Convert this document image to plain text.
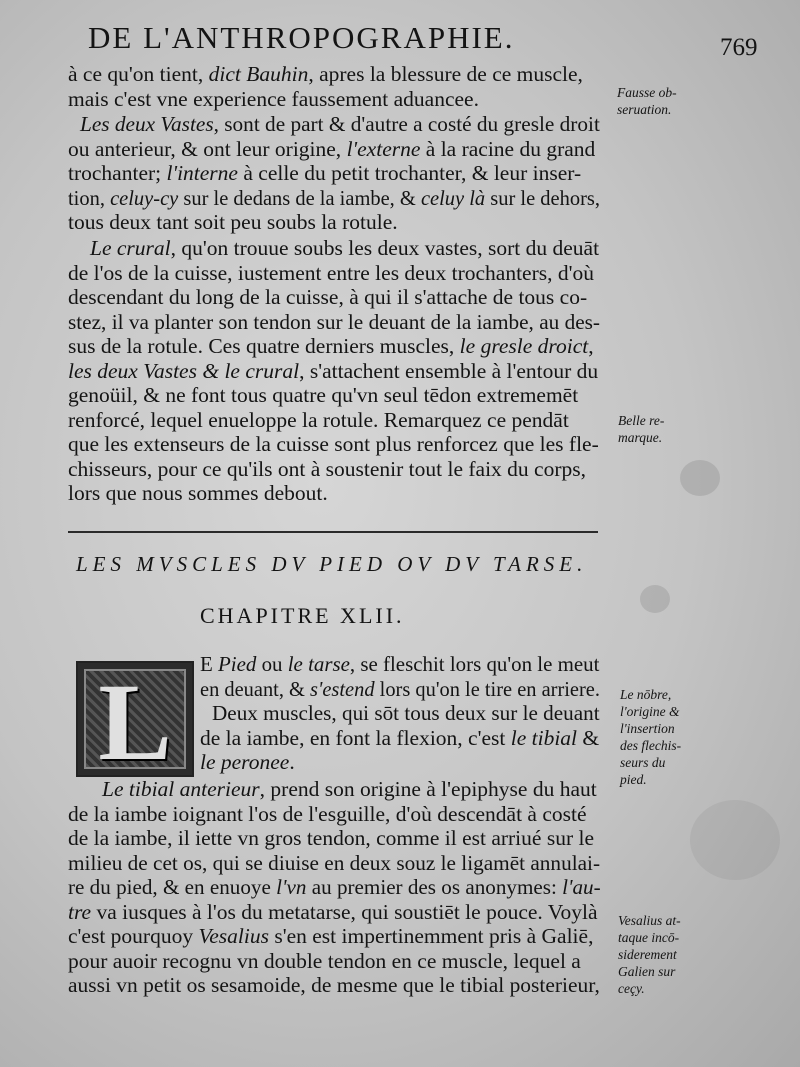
DE L'ANTHROPOGRAPHIE.	769
à ce qu'on tient, dict Bauhin, apres la blessure de ce muscle,
mais c'est vne experience faussement aduancee.
Les deux Vastes, sont de part & d'autre a costé du gresle droit
ou anterieur, & ont leur origine, l'externe à la racine du grand
trochanter; l'interne à celle du petit trochanter, & leur inser-
tion, celuy-cy sur le dedans de la iambe, & celuy là sur le dehors,
tous deux tant soit peu soubs la rotule.
Le crural, qu'on trouue soubs les deux vastes, sort du deuāt
de l'os de la cuisse, iustement entre les deux trochanters, d'où
descendant du long de la cuisse, à qui il s'attache de tous co-
stez, il va planter son tendon sur le deuant de la iambe, au des-
sus de la rotule. Ces quatre derniers muscles, le gresle droict,
les deux Vastes & le crural, s'attachent ensemble à l'entour du
genoüil, & ne font tous quatre qu'vn seul tēdon extrememēt
renforcé, lequel enueloppe la rotule. Remarquez ce pendāt
que les extenseurs de la cuisse sont plus renforcez que les fle-
chisseurs, pour ce qu'ils ont à soustenir tout le faix du corps,
lors que nous sommes debout.
Fausse ob-
seruation.
Belle re-
marque.
LES MVSCLES DV PIED OV DV TARSE.
CHAPITRE XLII.
L	E Pied ou le tarse, se fleschit lors qu'on le meut
en deuant, & s'estend lors qu'on le tire en arriere.
Deux muscles, qui sōt tous deux sur le deuant
de la iambe, en font la flexion, c'est le tibial &
le peronee.
Le tibial anterieur, prend son origine à l'epiphyse du haut
de la iambe ioignant l'os de l'esguille, d'où descendāt à costé
de la iambe, il iette vn gros tendon, comme il est arriué sur le
milieu de cet os, qui se diuise en deux souz le ligamēt annulai-
re du pied, & en enuoye l'vn au premier des os anonymes: l'au-
tre va iusques à l'os du metatarse, qui soustiēt le pouce. Voylà
c'est pourquoy Vesalius s'en est impertinemment pris à Galiē,
pour auoir recognu vn double tendon en ce muscle, lequel a
aussi vn petit os sesamoide, de mesme que le tibial posterieur,
Le nōbre,
l'origine &
l'insertion
des flechis-
seurs du
pied.
Vesalius at-
taque incō-
siderement
Galien sur
ceçy.
